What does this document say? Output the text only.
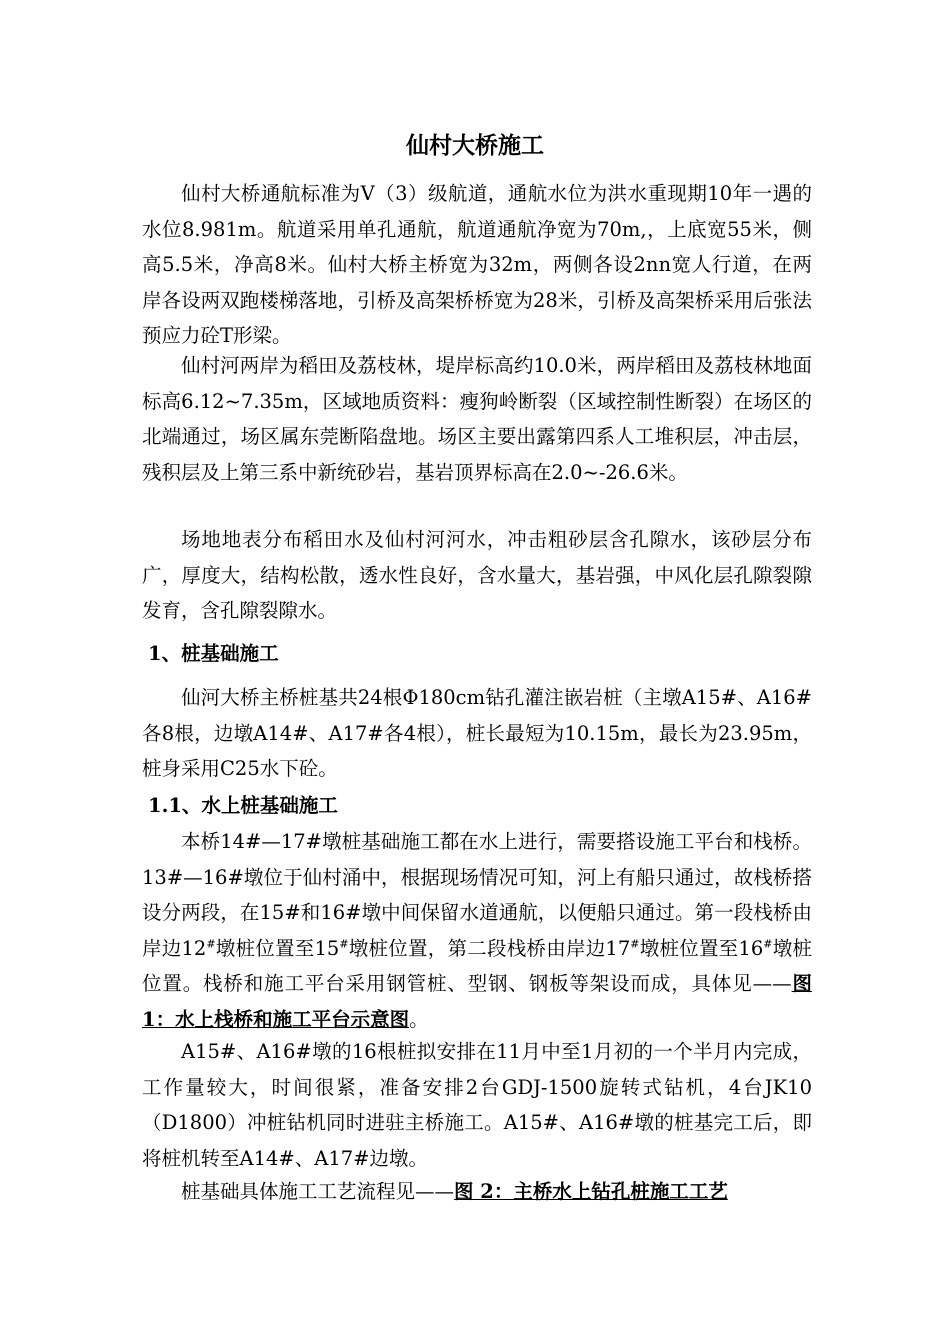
仙村大桥施工

仙村大桥通航标准为Ⅴ（3）级航道，通航水位为洪水重现期10年一遇的水位8.981m。航道采用单孔通航，航道通航净宽为70m,，上底宽55米，侧高5.5米，净高8米。仙村大桥主桥宽为32m，两侧各设2nn宽人行道，在两岸各设两双跑楼梯落地，引桥及高架桥桥宽为28米，引桥及高架桥采用后张法预应力砼T形梁。

仙村河两岸为稻田及荔枝林，堤岸标高约10.0米，两岸稻田及荔枝林地面标高6.12~7.35m，区域地质资料：瘦狗岭断裂（区域控制性断裂）在场区的北端通过，场区属东莞断陷盘地。场区主要出露第四系人工堆积层，冲击层，残积层及上第三系中新统砂岩，基岩顶界标高在2.0~-26.6米。

场地地表分布稻田水及仙村河河水，冲击粗砂层含孔隙水，该砂层分布广，厚度大，结构松散，透水性良好，含水量大，基岩强，中风化层孔隙裂隙发育，含孔隙裂隙水。

1、桩基础施工

仙河大桥主桥桩基共24根Φ180cm钻孔灌注嵌岩桩（主墩A15#、A16#各8根，边墩A14#、A17#各4根），桩长最短为10.15m，最长为23.95m，桩身采用C25水下砼。

1.1、水上桩基础施工

本桥14#—17#墩桩基础施工都在水上进行，需要搭设施工平台和栈桥。13#—16#墩位于仙村涌中，根据现场情况可知，河上有船只通过，故栈桥搭设分两段，在15#和16#墩中间保留水道通航，以便船只通过。第一段栈桥由岸边12#墩桩位置至15#墩桩位置，第二段栈桥由岸边17#墩桩位置至16#墩桩位置。栈桥和施工平台采用钢管桩、型钢、钢板等架设而成，具体见——图 1：水上栈桥和施工平台示意图。

A15#、A16#墩的16根桩拟安排在11月中至1月初的一个半月内完成，工作量较大，时间很紧，准备安排2台GDJ-1500旋转式钻机，4台JK10（D1800）冲桩钻机同时进驻主桥施工。A15#、A16#墩的桩基完工后，即将桩机转至A14#、A17#边墩。

桩基础具体施工工艺流程见——图 2：主桥水上钻孔桩施工工艺
